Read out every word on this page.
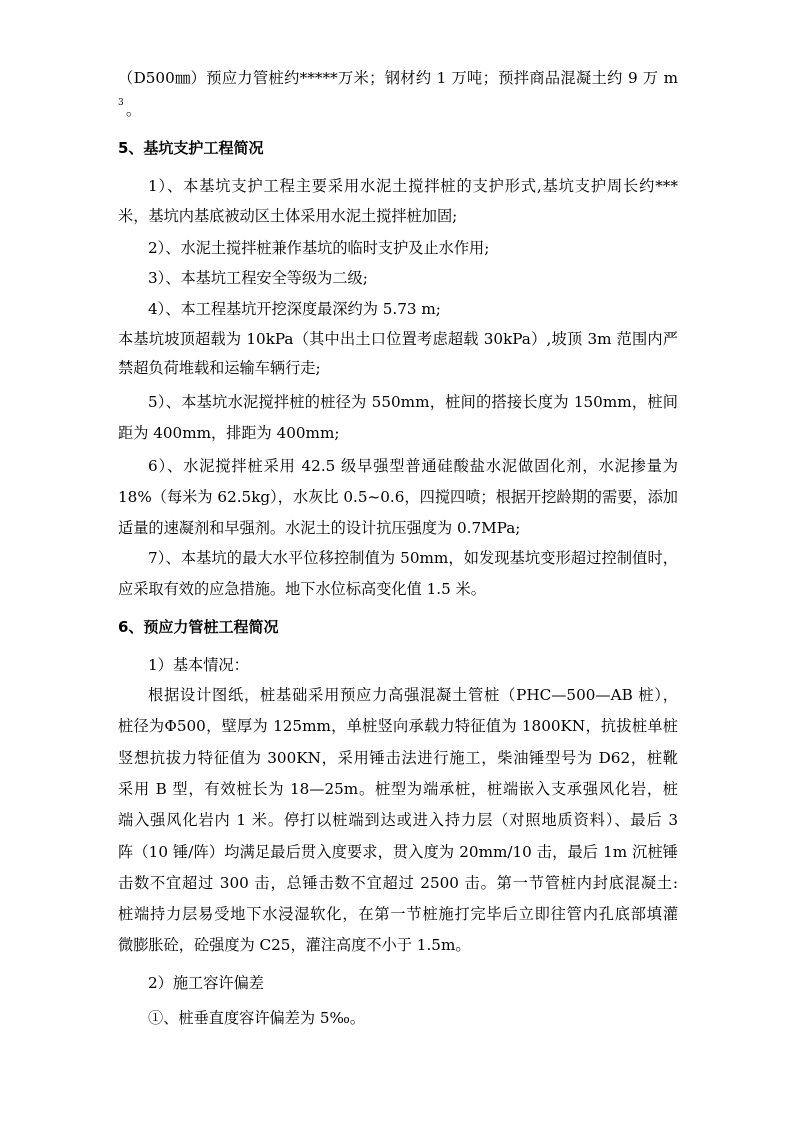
（D500㎜）预应力管桩约*****万米；钢材约 1 万吨；预拌商品混凝土约 9 万 m
3 。
5、基坑支护工程简况
1）、本基坑支护工程主要采用水泥土搅拌桩的支护形式,基坑支护周长约***
米，基坑内基底被动区土体采用水泥土搅拌桩加固;
2）、水泥土搅拌桩兼作基坑的临时支护及止水作用;
3）、本基坑工程安全等级为二级;
4）、本工程基坑开挖深度最深约为 5.73 m;
本基坑坡顶超载为 10kPa（其中出土口位置考虑超载 30kPa）,坡顶 3m 范围内严
禁超负荷堆载和运输车辆行走;
5）、本基坑水泥搅拌桩的桩径为 550mm，桩间的搭接长度为 150mm，桩间
距为 400mm，排距为 400mm;
6）、水泥搅拌桩采用 42.5 级早强型普通硅酸盐水泥做固化剂，水泥掺量为
18%（每米为 62.5kg），水灰比 0.5~0.6，四搅四喷；根据开挖龄期的需要，添加
适量的速凝剂和早强剂。水泥土的设计抗压强度为 0.7MPa;
7）、本基坑的最大水平位移控制值为 50mm，如发现基坑变形超过控制值时，
应采取有效的应急措施。地下水位标高变化值 1.5 米。
6、预应力管桩工程简况
1）基本情况：
根据设计图纸，桩基础采用预应力高强混凝土管桩（PHC—500—AB 桩），
桩径为Φ500，壁厚为 125mm，单桩竖向承载力特征值为 1800KN，抗拔桩单桩
竖想抗拔力特征值为 300KN，采用锤击法进行施工，柴油锤型号为 D62，桩靴
采用 B 型，有效桩长为 18—25m。桩型为端承桩，桩端嵌入支承强风化岩，桩
端入强风化岩内 1 米。停打以桩端到达或进入持力层（对照地质资料）、最后 3
阵（10 锤/阵）均满足最后贯入度要求，贯入度为 20mm/10 击，最后 1m 沉桩锤
击数不宜超过 300 击，总锤击数不宜超过 2500 击。第一节管桩内封底混凝土:
桩端持力层易受地下水浸湿软化，在第一节桩施打完毕后立即往管内孔底部填灌
微膨胀砼，砼强度为 C25，灌注高度不小于 1.5m。
2）施工容许偏差
①、桩垂直度容许偏差为 5‰。
